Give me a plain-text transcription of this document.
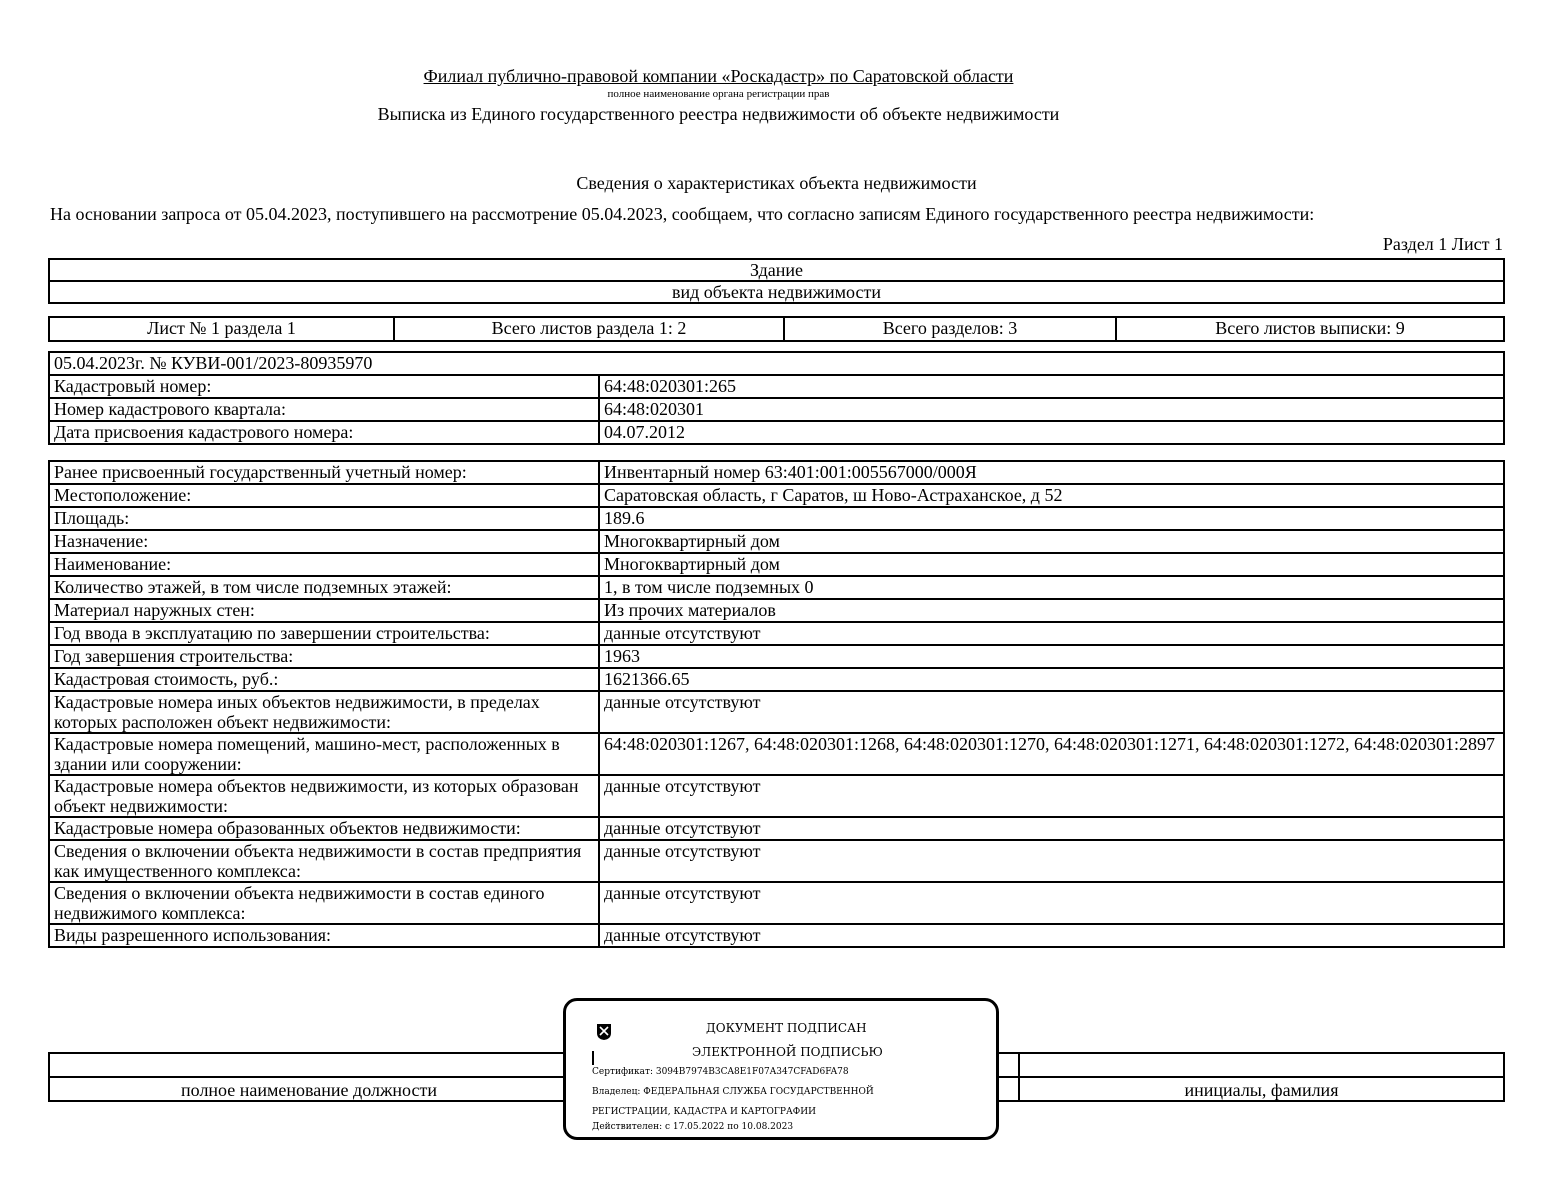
Филиал публично-правовой компании «Роскадастр» по Саратовской области
полное наименование органа регистрации прав
Выписка из Единого государственного реестра недвижимости об объекте недвижимости
Сведения о характеристиках объекта недвижимости
На основании запроса от 05.04.2023, поступившего на рассмотрение 05.04.2023, сообщаем, что согласно записям Единого государственного реестра недвижимости:
Раздел 1 Лист 1
Здание
вид объекта недвижимости
Лист № 1 раздела 1	Всего листов раздела 1: 2	Всего разделов: 3	Всего листов выписки: 9
05.04.2023г. № КУВИ-001/2023-80935970	
Кадастровый номер:	64:48:020301:265
Номер кадастрового квартала:	64:48:020301
Дата присвоения кадастрового номера:	04.07.2012
Ранее присвоенный государственный учетный номер:	Инвентарный номер 63:401:001:005567000/000Я
Местоположение:	Саратовская область, г Саратов, ш Ново-Астраханское, д 52
Площадь:	189.6
Назначение:	Многоквартирный дом
Наименование:	Многоквартирный дом
Количество этажей, в том числе подземных этажей:	1, в том числе подземных 0
Материал наружных стен:	Из прочих материалов
Год ввода в эксплуатацию по завершении строительства:	данные отсутствуют
Год завершения строительства:	1963
Кадастровая стоимость, руб.:	1621366.65
Кадастровые номера иных объектов недвижимости, в пределах которых расположен объект недвижимости:	данные отсутствуют
Кадастровые номера помещений, машино-мест, расположенных в здании или сооружении:	64:48:020301:1267, 64:48:020301:1268, 64:48:020301:1270, 64:48:020301:1271, 64:48:020301:1272, 64:48:020301:2897
Кадастровые номера объектов недвижимости, из которых образован объект недвижимости:	данные отсутствуют
Кадастровые номера образованных объектов недвижимости:	данные отсутствуют
Сведения о включении объекта недвижимости в состав предприятия как имущественного комплекса:	данные отсутствуют
Сведения о включении объекта недвижимости в состав единого недвижимого комплекса:	данные отсутствуют
Виды разрешенного использования:	данные отсутствуют

полное наименование должности		инициалы, фамилия
ДОКУМЕНТ ПОДПИСАН
ЭЛЕКТРОННОЙ ПОДПИСЬЮ
Сертификат: 3094B7974B3CA8E1F07A347CFAD6FA78
Владелец: ФЕДЕРАЛЬНАЯ СЛУЖБА ГОСУДАРСТВЕННОЙ
РЕГИСТРАЦИИ, КАДАСТРА И КАРТОГРАФИИ
Действителен: с 17.05.2022 по 10.08.2023
